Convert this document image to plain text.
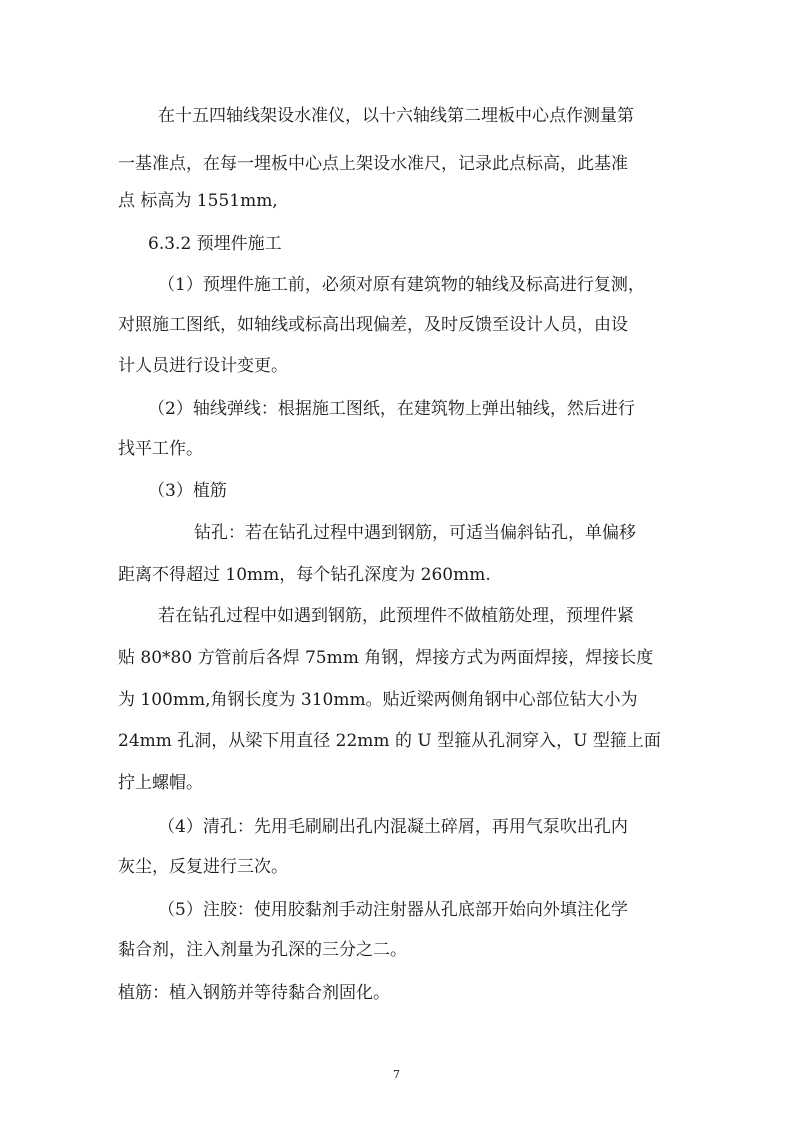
在十五四轴线架设水准仪，以十六轴线第二埋板中心点作测量第
一基准点，在每一埋板中心点上架设水准尺，记录此点标高，此基准
点 标高为 1551mm,
6.3.2 预埋件施工
（1）预埋件施工前，必须对原有建筑物的轴线及标高进行复测，
对照施工图纸，如轴线或标高出现偏差，及时反馈至设计人员，由设
计人员进行设计变更。
（2）轴线弹线：根据施工图纸，在建筑物上弹出轴线，然后进行
找平工作。
（3）植筋
钻孔：若在钻孔过程中遇到钢筋，可适当偏斜钻孔，单偏移
距离不得超过 10mm，每个钻孔深度为 260mm.
若在钻孔过程中如遇到钢筋，此预埋件不做植筋处理，预埋件紧
贴 80*80 方管前后各焊 75mm 角钢，焊接方式为两面焊接，焊接长度
为 100mm,角钢长度为 310mm。贴近梁两侧角钢中心部位钻大小为
24mm 孔洞，从梁下用直径 22mm 的 U 型箍从孔洞穿入，U 型箍上面
拧上螺帽。
（4）清孔：先用毛刷刷出孔内混凝土碎屑，再用气泵吹出孔内
灰尘，反复进行三次。
（5）注胶：使用胶黏剂手动注射器从孔底部开始向外填注化学
黏合剂，注入剂量为孔深的三分之二。
植筋：植入钢筋并等待黏合剂固化。
7
